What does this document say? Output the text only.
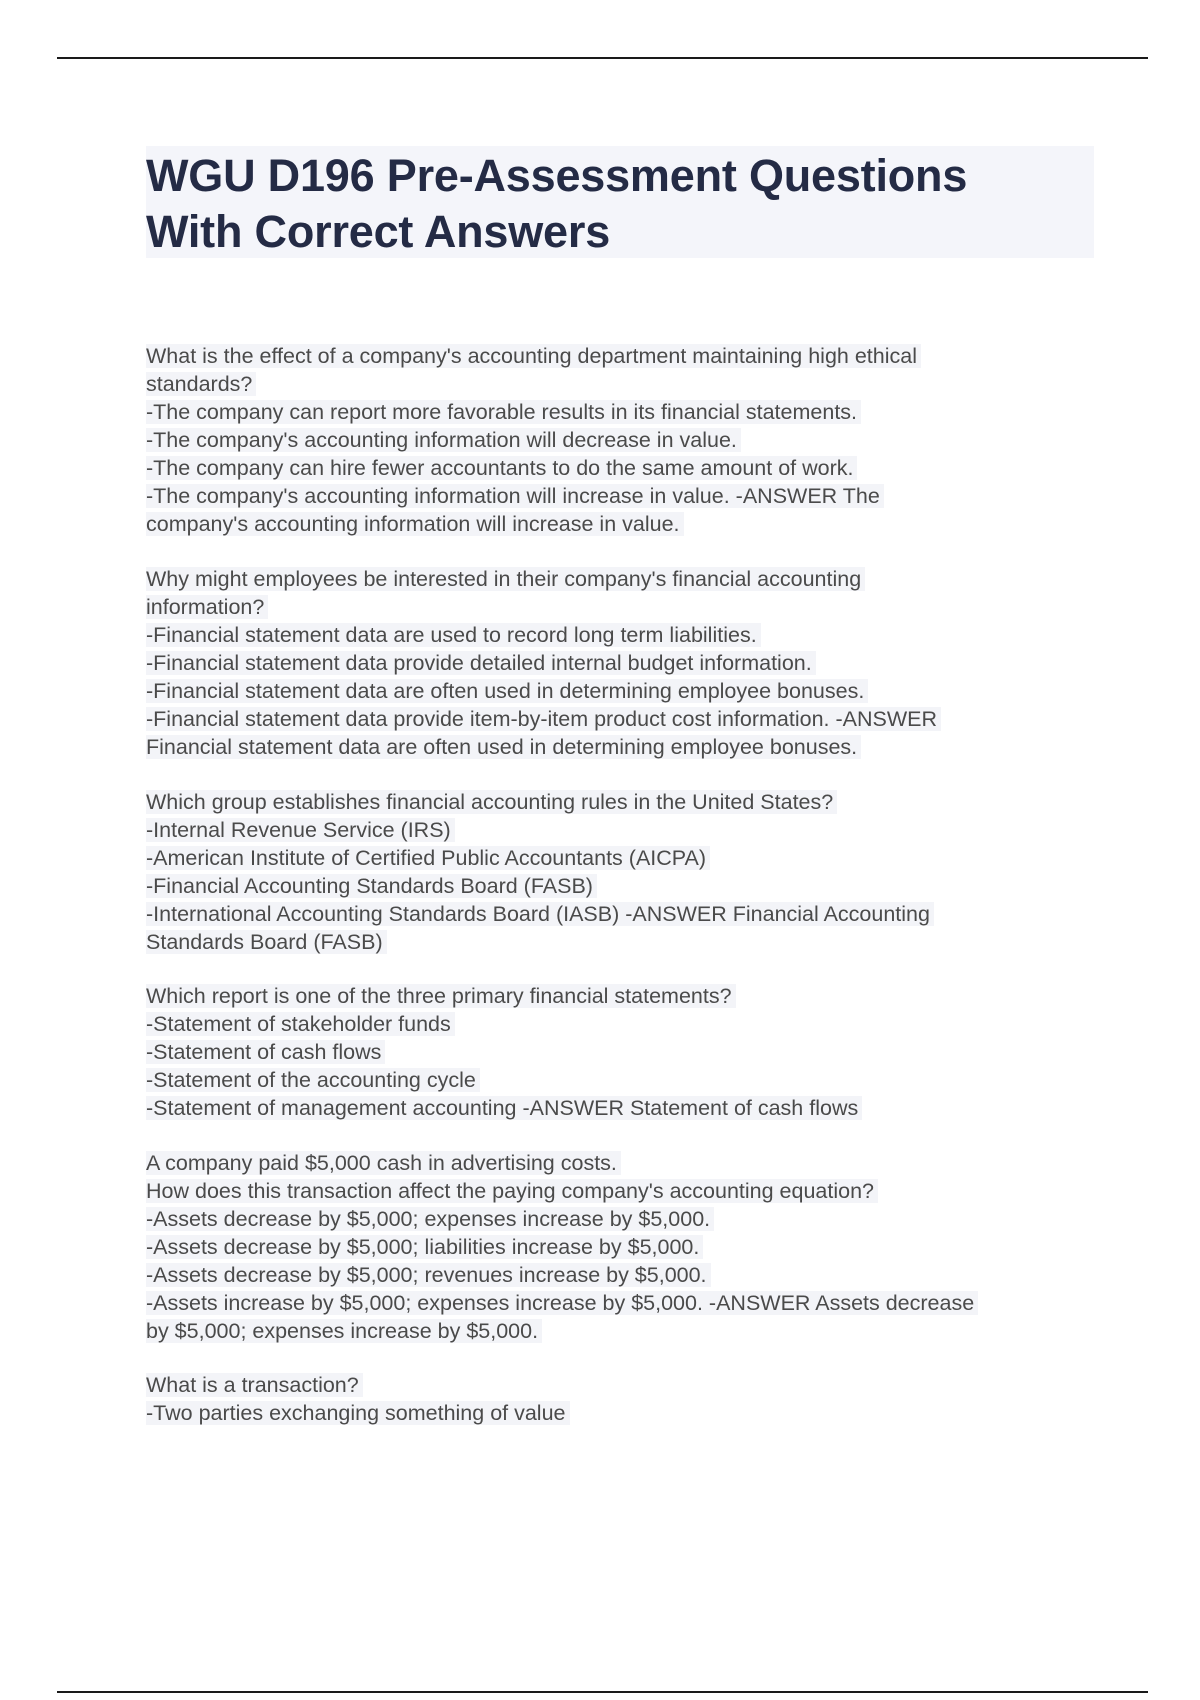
WGU D196 Pre-Assessment Questions
With Correct Answers
What is the effect of a company's accounting department maintaining high ethical
standards?
-The company can report more favorable results in its financial statements.
-The company's accounting information will decrease in value.
-The company can hire fewer accountants to do the same amount of work.
-The company's accounting information will increase in value. -ANSWER The
company's accounting information will increase in value.
Why might employees be interested in their company's financial accounting
information?
-Financial statement data are used to record long term liabilities.
-Financial statement data provide detailed internal budget information.
-Financial statement data are often used in determining employee bonuses.
-Financial statement data provide item-by-item product cost information. -ANSWER
Financial statement data are often used in determining employee bonuses.
Which group establishes financial accounting rules in the United States?
-Internal Revenue Service (IRS)
-American Institute of Certified Public Accountants (AICPA)
-Financial Accounting Standards Board (FASB)
-International Accounting Standards Board (IASB) -ANSWER Financial Accounting
Standards Board (FASB)
Which report is one of the three primary financial statements?
-Statement of stakeholder funds
-Statement of cash flows
-Statement of the accounting cycle
-Statement of management accounting -ANSWER Statement of cash flows
A company paid $5,000 cash in advertising costs.
How does this transaction affect the paying company's accounting equation?
-Assets decrease by $5,000; expenses increase by $5,000.
-Assets decrease by $5,000; liabilities increase by $5,000.
-Assets decrease by $5,000; revenues increase by $5,000.
-Assets increase by $5,000; expenses increase by $5,000. -ANSWER Assets decrease
by $5,000; expenses increase by $5,000.
What is a transaction?
-Two parties exchanging something of value
